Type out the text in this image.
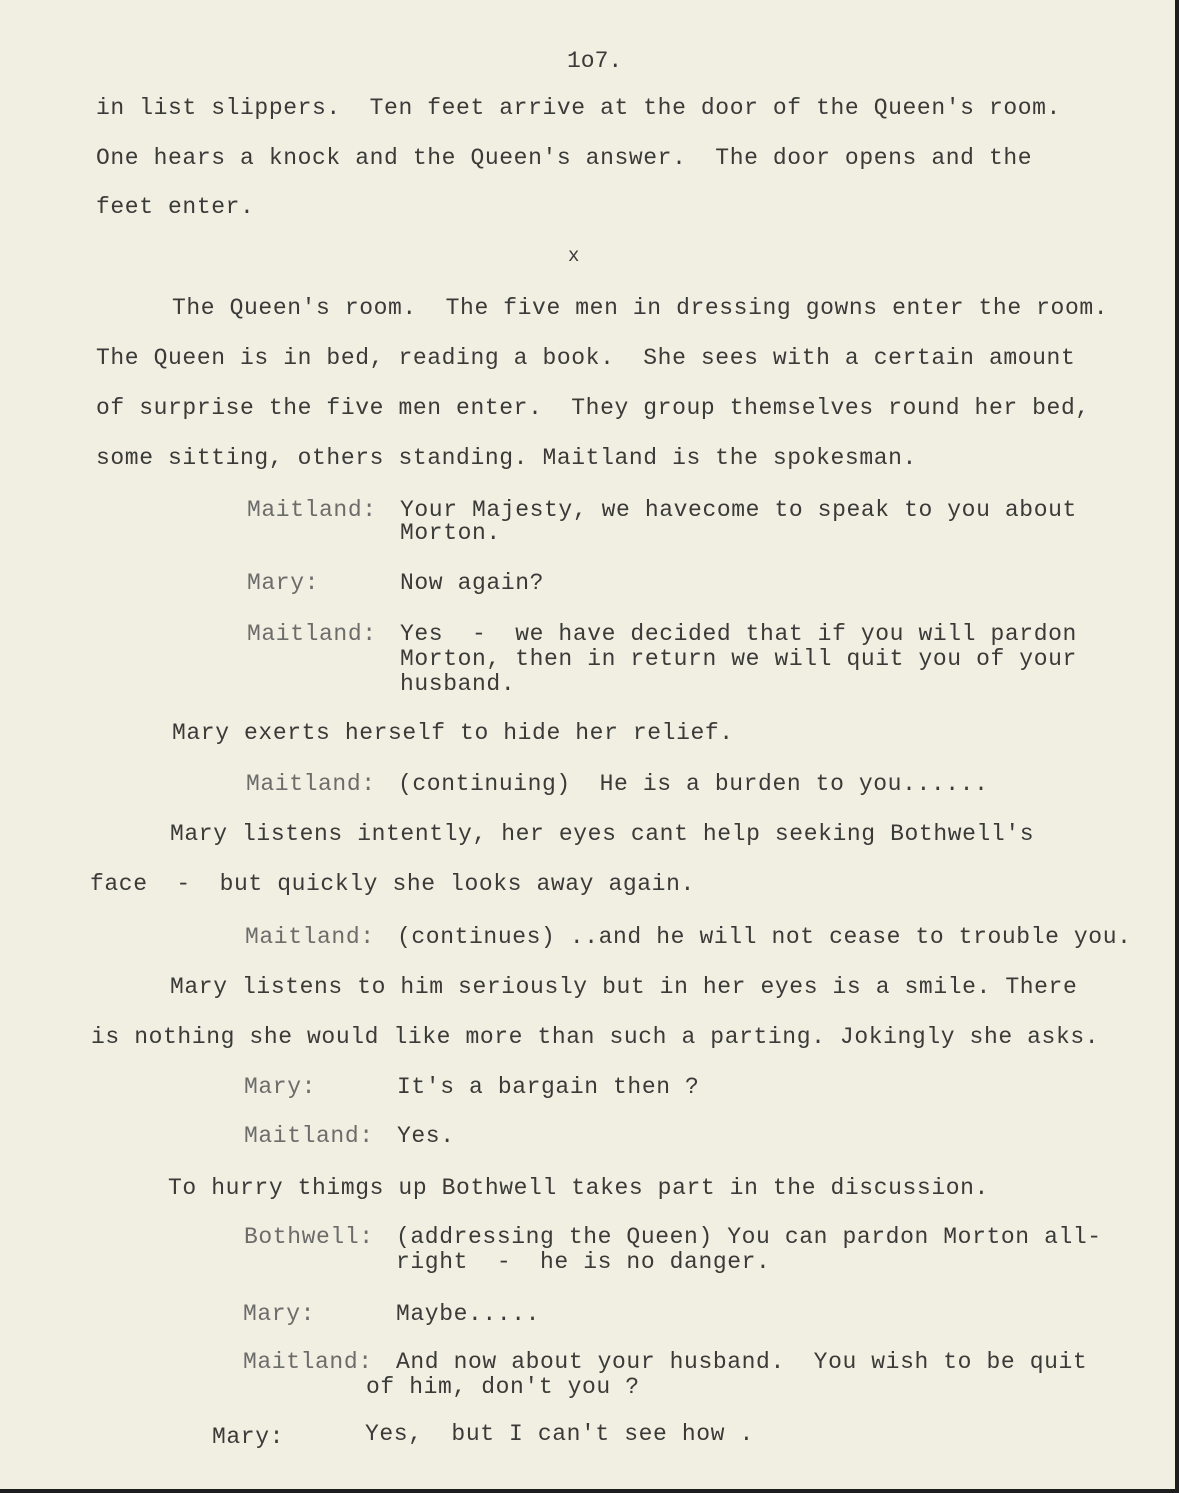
1o7.
in list slippers.  Ten feet arrive at the door of the Queen's room.
One hears a knock and the Queen's answer.  The door opens and the
feet enter.
x
The Queen's room.  The five men in dressing gowns enter the room.
The Queen is in bed, reading a book.  She sees with a certain amount
of surprise the five men enter.  They group themselves round her bed,
some sitting, others standing. Maitland is the spokesman.
Maitland: Your Majesty, we havecome to speak to you about
Morton.
Mary:	Now again?
Maitland: Yes  -  we have decided that if you will pardon
Morton, then in return we will quit you of your
husband.
Mary exerts herself to hide her relief.
Maitland: (continuing)  He is a burden to you......
Mary listens intently, her eyes cant help seeking Bothwell's
face  -  but quickly she looks away again.
Maitland: (continues) ..and he will not cease to trouble you.
Mary listens to him seriously but in her eyes is a smile. There
is nothing she would like more than such a parting. Jokingly she asks.
Mary:	It's a bargain then ?
Maitland: Yes.
To hurry thimgs up Bothwell takes part in the discussion.
Bothwell: (addressing the Queen) You can pardon Morton all-
right  -  he is no danger.
Mary:	Maybe.....
Maitland: And now about your husband.  You wish to be quit
of him, don't you ?
Mary:	Yes,  but I can't see how .
